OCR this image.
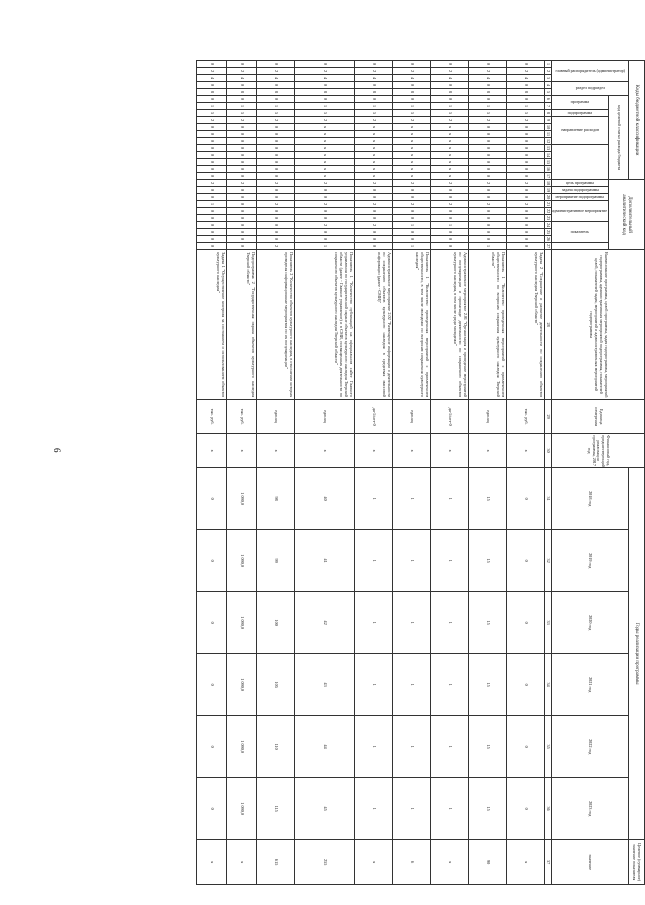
6
Коды бюджетной классификации																	Дополнительный аналитический код										Наименование программы, целей программы, задач подпрограммы, мероприятий подпрограммы, административных мероприятий подпрограммы, показателей целей, показателей задач, мероприятий и административных мероприятий подпрограммы	Единица измерения	Финансовый год, предшествующий реализации программы, 2017 год	Годы реализации программы						Целевое (суммарное) значение показателя

главный распорядитель (администратор)			раздел подраздел		код целевой статьи расхода бюджета																									2018 год	2019 год	2020 год	2021 год	2022 год	2023 год	значение

					программа		подпрограмма	направление расходов									цель программы	задача подпрограммы	мероприятие подпрограммы	административное мероприятие			показатель													

1	2	3	4	5	6	7	8	9	10	11	12	13	14	15	16	17	18	19	20	21	22	23	24	25	26	27	28	29	30	31	32	33	34	35	36	37
0	2	4	0	8	0	1	5	2	0	0	0	0	0	0	0	0	2	0	0	2	0	0	0	0	0	0	Задача 2 "Сохранение и развитие деятельности по сохранению объектов культурного наследия Тверской области"	тыс. руб.	x	0	0	0	0	0	0	x
0	2	4	0	8	0	1	5	2	0	0	0	0	0	0	0	0	2	0	0	2	0	0	0	0	0	1	Показатель 1 "Количество проведенных мероприятий с привлечением общественности по вопросам сохранения культурного наследия Тверской области"	единиц	x	15	15	15	15	15	15	90
0	2	4	0	8	0	1	5	2	x	x	x	x	x	x	x	x	2	0	0	2	0	0	1	0	0	0	Административное мероприятие 2.01 "Организация и проведение мероприятий по популяризации и пропаганде деятельности по сохранению объектов культурного наследия, в том числе среди молодежи"	да-1/нет-0	x	1	1	1	1	1	1	x
0	2	4	0	8	0	1	5	2	x	x	x	x	x	x	x	x	2	0	0	2	0	0	1	0	0	1	Показатель 1 "Количество проведенных мероприятий с привлечением общественности, в том числе молодежи по вопросам сохранения культурного наследия"	единиц	x	1	1	1	1	1	1	6
0	2	4	0	8	0	1	5	2	x	x	x	x	x	x	x	x	2	0	0	2	0	0	2	0	0	0	Административное мероприятие 2.02 "Размещение информации о деятельности по сохранению объектов культурного наследия в средствах массовой информации (далее - СМИ)"	да-1/нет-0	x	1	1	1	1	1	1	x
0	2	4	0	8	0	1	5	2	x	x	x	x	x	x	x	x	2	0	0	2	0	0	2	0	0	1	Показатель 1 "Количество публикаций на официальном сайте Главного управления по государственной охране объектов культурного наследия Тверской области (далее - Главное управление) и в СМИ, посвященных деятельности по сохранению объектов культурного наследия Тверской области"	единиц	x	40	41	42	43	44	45	255
0	2	4	0	8	0	1	5	2	0	0	0	0	0	0	0	0	2	0	0	2	0	0	0	0	0	2	Показатель 2 "Количество объектов культурного наследия, в отношении которых проведены информационные мероприятия по их популяризации"	единиц	x	98	99	100	105	110	115	615
0	2	4	0	8	0	1	5	2	0	0	0	0	0	0	0	0	2	0	0	0	0	0	0	0	0	0	Подпрограмма 2 "Государственная охрана объектов культурного наследия Тверской области"	тыс. руб.	x	1 090,0	1 090,0	1 090,0	1 090,0	1 090,0	1 090,0	x
0	2	4	0	8	0	1	5	2	0	0	0	0	0	0	0	0	2	0	0	1	0	0	0	0	0	0	Задача 1 "Осуществление контроля за состоянием и использованием объектов культурного наследия"	тыс. руб.	x	0	0	0	0	0	0	x
